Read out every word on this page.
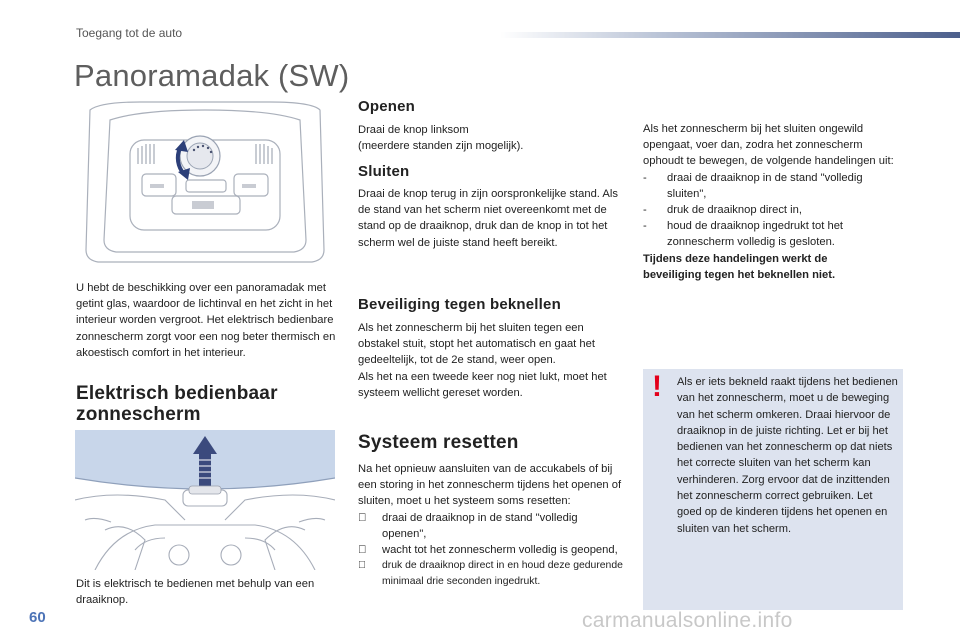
Toegang tot de auto
Panoramadak (SW)

U hebt de beschikking over een panoramadak met getint glas, waardoor de lichtinval en het zicht in het interieur worden vergroot. Het elektrisch bedienbare zonnescherm zorgt voor een nog beter thermisch en akoestisch comfort in het interieur.

Elektrisch bedienbaar
zonnescherm

Dit is elektrisch te bedienen met behulp van een draaiknop.

Openen

Draai de knop linksom
(meerdere standen zijn mogelijk).

Sluiten

Draai de knop terug in zijn oorspronkelijke stand. Als de stand van het scherm niet overeenkomt met de stand op de draaiknop, druk dan de knop in tot het scherm wel de juiste stand heeft bereikt.

Beveiliging tegen beknellen

Als het zonnescherm bij het sluiten tegen een obstakel stuit, stopt het automatisch en gaat het gedeeltelijk, tot de 2e stand, weer open.
Als het na een tweede keer nog niet lukt, moet het systeem wellicht gereset worden.

Systeem resetten

Na het opnieuw aansluiten van de accukabels of bij een storing in het zonnescherm tijdens het openen of sluiten, moet u het systeem soms resetten:

draai de draaiknop in de stand "volledig openen",
wacht tot het zonnescherm volledig is geopend,
druk de draaiknop direct in en houd deze gedurende minimaal drie seconden ingedrukt.

Als het zonnescherm bij het sluiten ongewild opengaat, voer dan, zodra het zonnescherm ophoudt te bewegen, de volgende handelingen uit:

- draai de draaiknop in de stand "volledig sluiten",
- druk de draaiknop direct in,
- houd de draaiknop ingedrukt tot het zonnescherm volledig is gesloten.

Tijdens deze handelingen werkt de
beveiliging tegen het beknellen niet.

!	Als er iets bekneld raakt tijdens het bedienen van het zonnescherm, moet u de beweging van het scherm omkeren. Draai hiervoor de draaiknop in de juiste richting. Let er bij het bedienen van het zonnescherm op dat niets het correcte sluiten van het scherm kan verhinderen. Zorg ervoor dat de inzittenden het zonnescherm correct gebruiken. Let goed op de kinderen tijdens het openen en sluiten van het scherm.

60	carmanualsonline.info
